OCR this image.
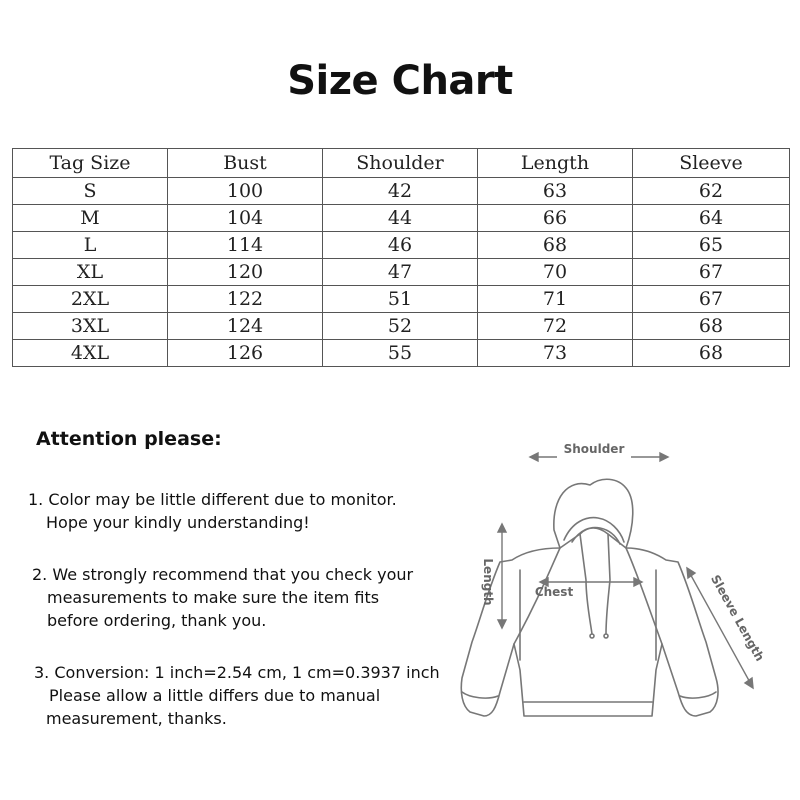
Size Chart
Tag Size	Bust	Shoulder	Length	Sleeve
S	100	42	63	62
M	104	44	66	64
L	114	46	68	65
XL	120	47	70	67
2XL	122	51	71	67
3XL	124	52	72	68
4XL	126	55	73	68
Attention please:
1. Color may be little different due to monitor.
Hope your kindly understanding!
2. We strongly recommend that you check your
measurements to make sure the item fits
before ordering, thank you.
3. Conversion: 1 inch=2.54 cm, 1 cm=0.3937 inch
Please allow a little differs due to manual
measurement, thanks.
Shoulder
Chest
Length	Sleeve Length
